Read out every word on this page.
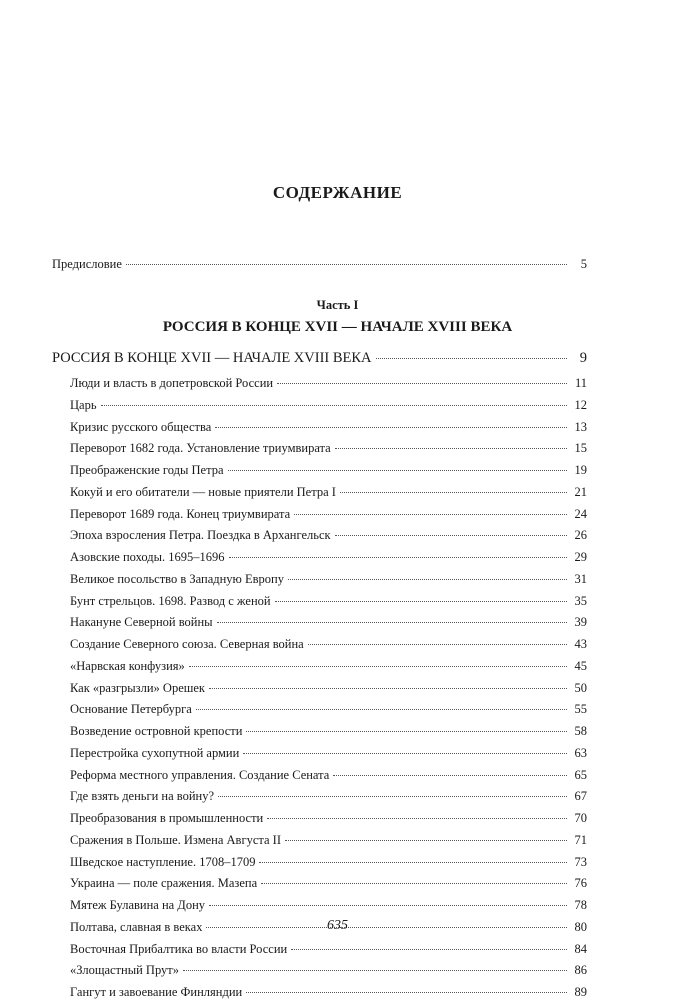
СОДЕРЖАНИЕ
Предисловие	5
Часть I
РОССИЯ В КОНЦЕ XVII — НАЧАЛЕ XVIII ВЕКА
РОССИЯ В КОНЦЕ XVII — НАЧАЛЕ XVIII ВЕКА	9
Люди и власть в допетровской России	11
Царь	12
Кризис русского общества	13
Переворот 1682 года. Установление триумвирата	15
Преображенские годы Петра	19
Кокуй и его обитатели — новые приятели Петра I	21
Переворот 1689 года. Конец триумвирата	24
Эпоха взросления Петра. Поездка в Архангельск	26
Азовские походы. 1695–1696	29
Великое посольство в Западную Европу	31
Бунт стрельцов. 1698. Развод с женой	35
Накануне Северной войны	39
Создание Северного союза. Северная война	43
«Нарвская конфузия»	45
Как «разгрызли» Орешек	50
Основание Петербурга	55
Возведение островной крепости	58
Перестройка сухопутной армии	63
Реформа местного управления. Создание Сената	65
Где взять деньги на войну?	67
Преобразования в промышленности	70
Сражения в Польше. Измена Августа II	71
Шведское наступление. 1708–1709	73
Украина — поле сражения. Мазепа	76
Мятеж Булавина на Дону	78
Полтава, славная в веках	80
Восточная Прибалтика во власти России	84
«Злощастный Прут»	86
Гангут и завоевание Финляндии	89
635
